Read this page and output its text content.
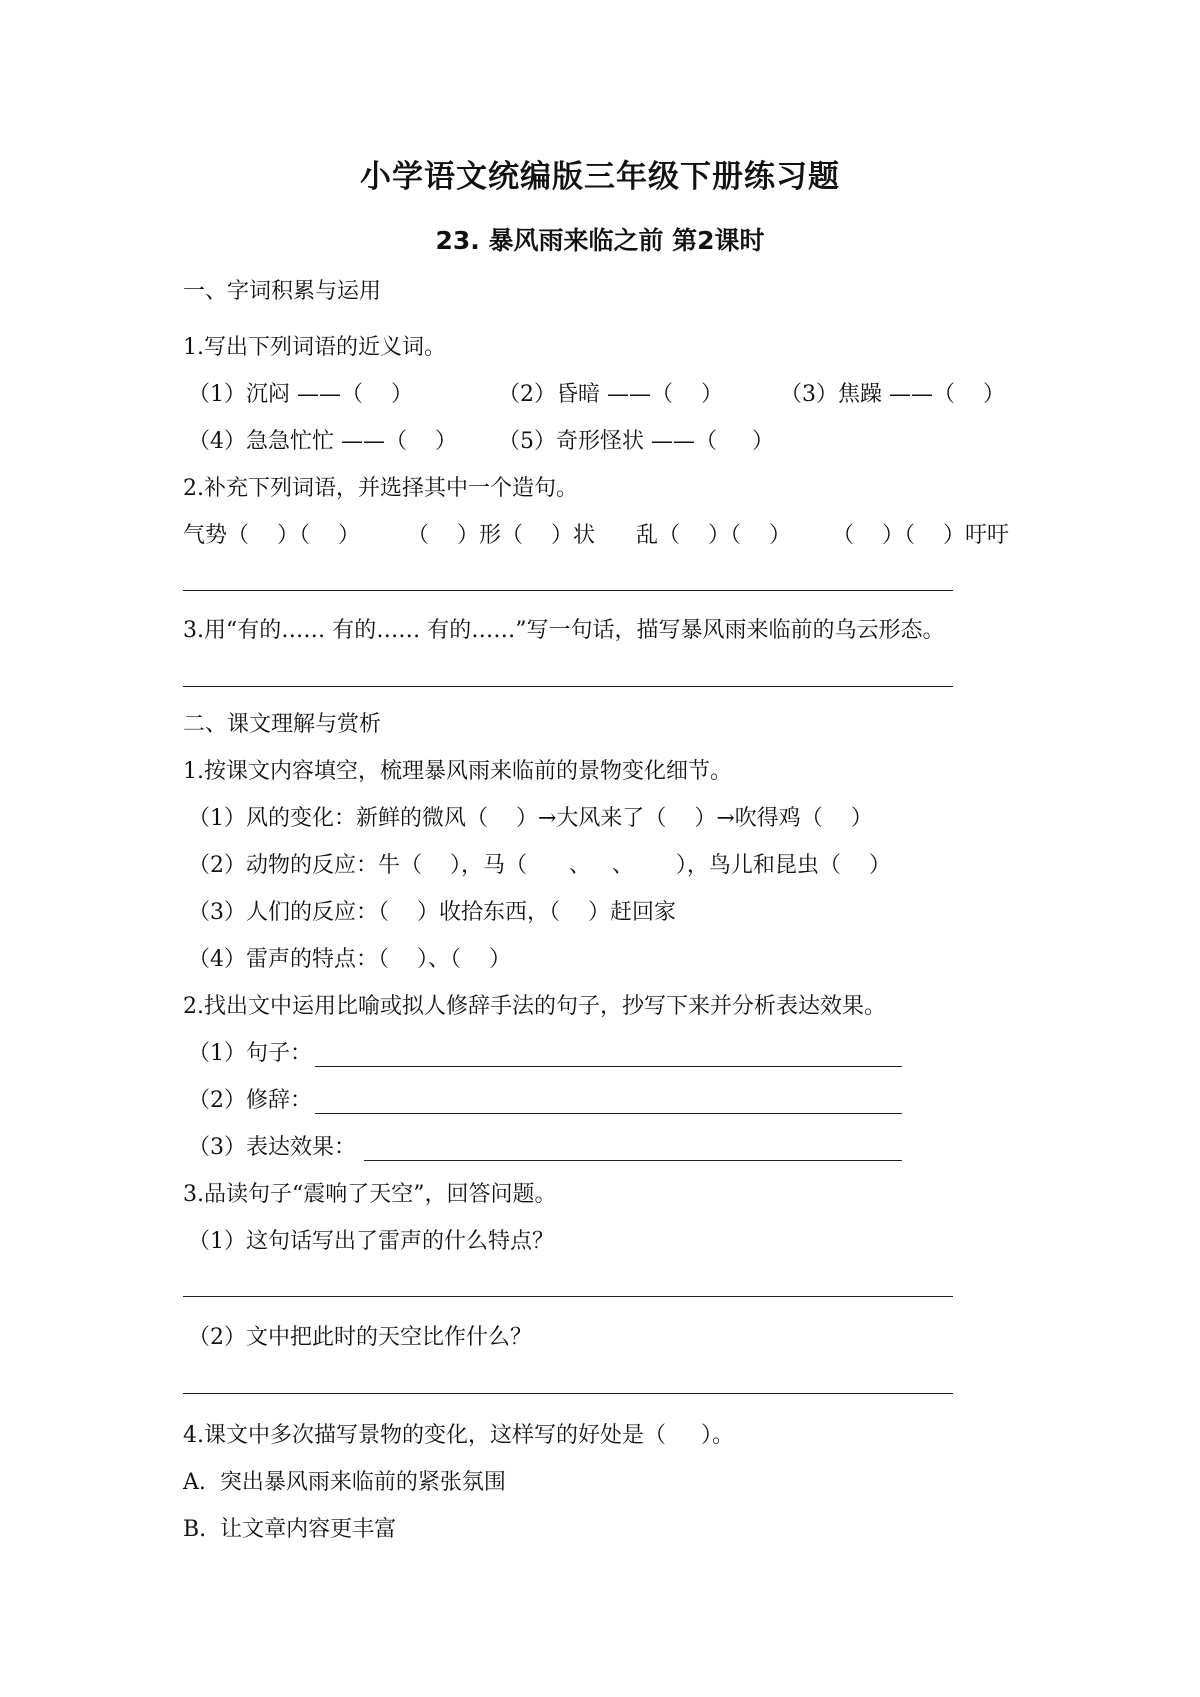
小学语文统编版三年级下册练习题
23. 暴风雨来临之前 第2课时
一、字词积累与运用
1.写出下列词语的近义词。
（1）沉闷 ——（    ）	（2）昏暗 ——（    ）	（3）焦躁 ——（    ）
（4）急急忙忙 ——（    ） （5）奇形怪状 ——（     ）
2.补充下列词语，并选择其中一个造句。
气势（    ）（    ） （    ）形（    ）状 乱（    ）（    ） （    ）（    ）吁吁
3.用“有的…… 有的…… 有的……”写一句话，描写暴风雨来临前的乌云形态。
二、课文理解与赏析
1.按课文内容填空，梳理暴风雨来临前的景物变化细节。
（1）风的变化：新鲜的微风（    ）→大风来了（    ）→吹得鸡（    ）
（2）动物的反应：牛（    ），马（      、   、      ），鸟儿和昆虫（    ）
（3）人们的反应：（    ）收拾东西，（    ）赶回家
（4）雷声的特点：（    ）、（    ）
2.找出文中运用比喻或拟人修辞手法的句子，抄写下来并分析表达效果。
（1）句子：
（2）修辞：
（3）表达效果：
3.品读句子“震响了天空”，回答问题。
（1）这句话写出了雷声的什么特点？
（2）文中把此时的天空比作什么？
4.课文中多次描写景物的变化，这样写的好处是（     ）。
A.  突出暴风雨来临前的紧张氛围
B.  让文章内容更丰富
